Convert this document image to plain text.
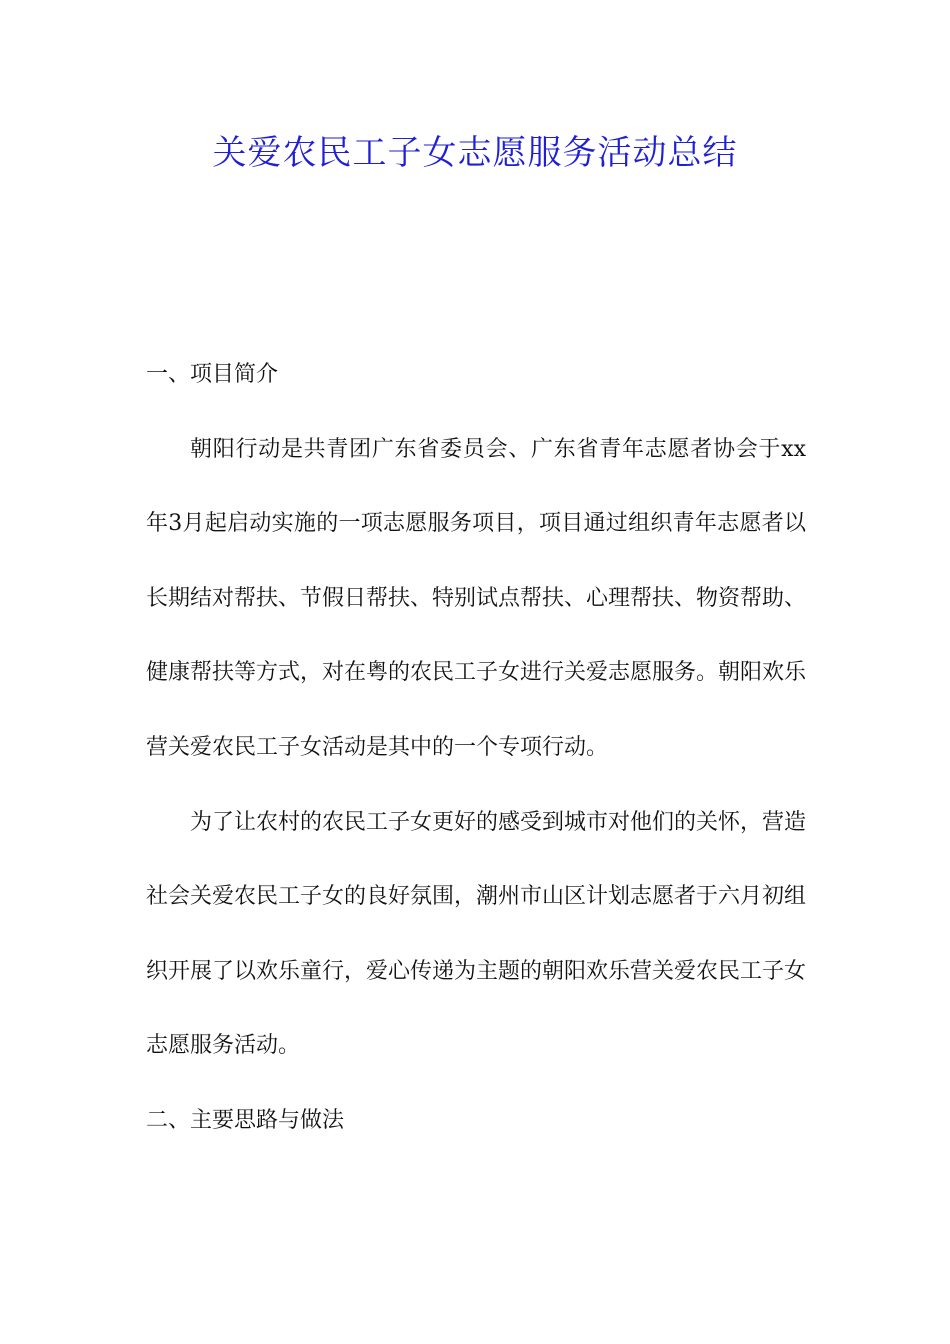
关爱农民工子女志愿服务活动总结
一、项目简介

朝阳行动是共青团广东省委员会、广东省青年志愿者协会于xx年3月起启动实施的一项志愿服务项目，项目通过组织青年志愿者以长期结对帮扶、节假日帮扶、特别试点帮扶、心理帮扶、物资帮助、健康帮扶等方式，对在粤的农民工子女进行关爱志愿服务。朝阳欢乐营关爱农民工子女活动是其中的一个专项行动。

为了让农村的农民工子女更好的感受到城市对他们的关怀，营造社会关爱农民工子女的良好氛围，潮州市山区计划志愿者于六月初组织开展了以欢乐童行，爱心传递为主题的朝阳欢乐营关爱农民工子女志愿服务活动。

二、主要思路与做法
